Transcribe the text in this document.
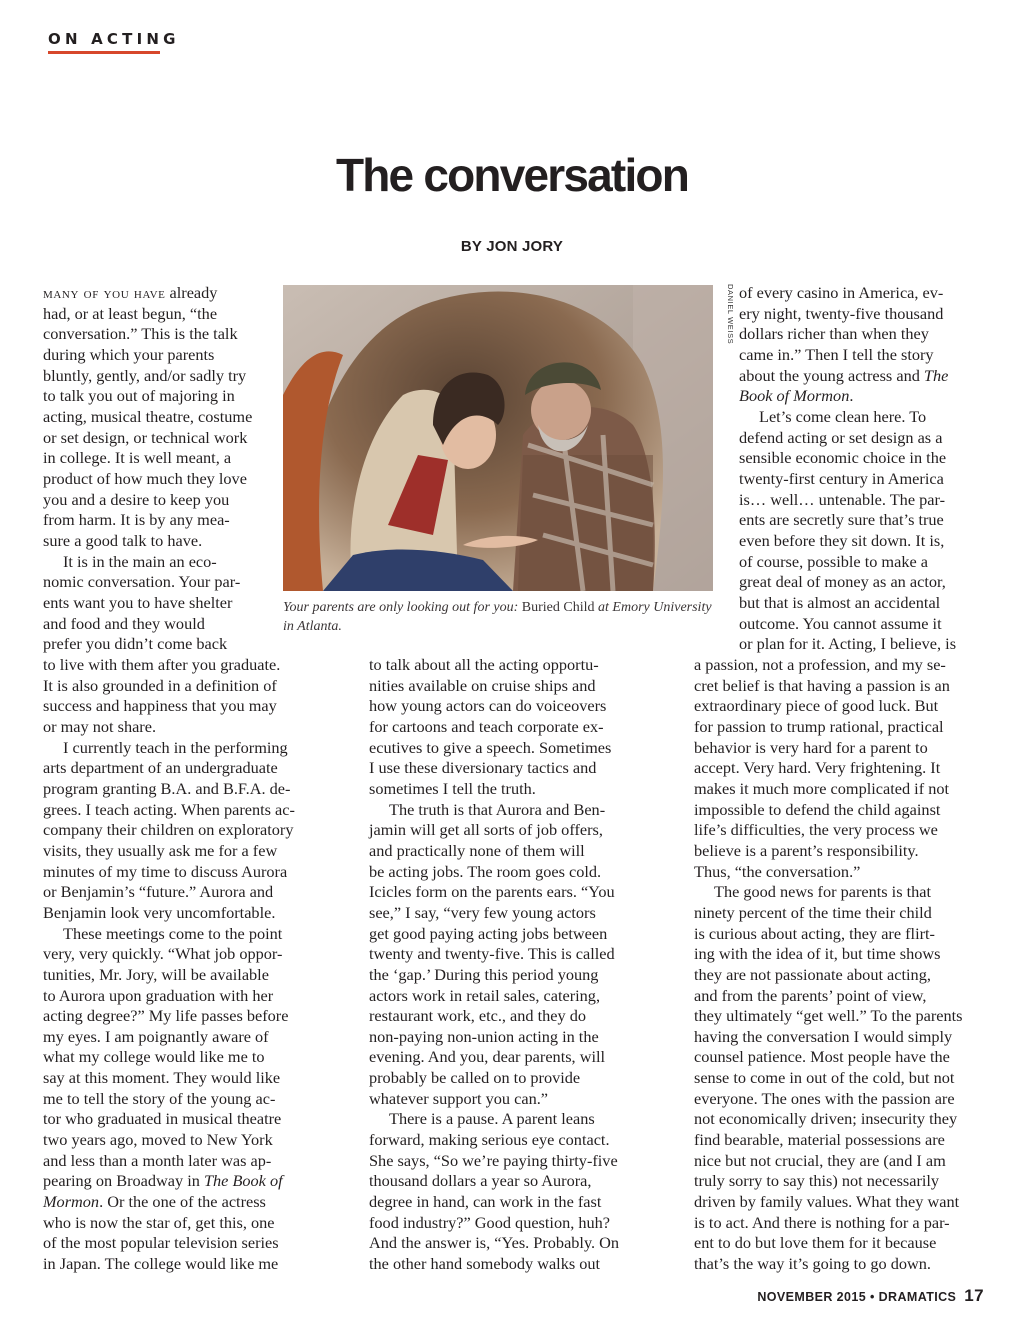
ON ACTING
The conversation
BY JON JORY
many of you have already
had, or at least begun, “the
conversation.” This is the talk
during which your parents
bluntly, gently, and/or sadly try
to talk you out of majoring in
acting, musical theatre, costume
or set design, or technical work
in college. It is well meant, a
product of how much they love
you and a desire to keep you
from harm. It is by any mea-
sure a good talk to have.
It is in the main an eco-
nomic conversation. Your par-
ents want you to have shelter
and food and they would
prefer you didn’t come back
to live with them after you graduate.
It is also grounded in a definition of
success and happiness that you may
or may not share.
I currently teach in the performing
arts department of an undergraduate
program granting B.A. and B.F.A. de-
grees. I teach acting. When parents ac-
company their children on exploratory
visits, they usually ask me for a few
minutes of my time to discuss Aurora
or Benjamin’s “future.” Aurora and
Benjamin look very uncomfortable.
These meetings come to the point
very, very quickly. “What job oppor-
tunities, Mr. Jory, will be available
to Aurora upon graduation with her
acting degree?” My life passes before
my eyes. I am poignantly aware of
what my college would like me to
say at this moment. They would like
me to tell the story of the young ac-
tor who graduated in musical theatre
two years ago, moved to New York
and less than a month later was ap-
pearing on Broadway in The Book of
Mormon. Or the one of the actress
who is now the star of, get this, one
of the most popular television series
in Japan. The college would like me
DANIEL WEISS

Your parents are only looking out for you: Buried Child at Emory University in Atlanta.

to talk about all the acting opportu-
nities available on cruise ships and
how young actors can do voiceovers
for cartoons and teach corporate ex-
ecutives to give a speech. Sometimes
I use these diversionary tactics and
sometimes I tell the truth.
The truth is that Aurora and Ben-
jamin will get all sorts of job offers,
and practically none of them will
be acting jobs. The room goes cold.
Icicles form on the parents ears. “You
see,” I say, “very few young actors
get good paying acting jobs between
twenty and twenty-five. This is called
the ‘gap.’ During this period young
actors work in retail sales, catering,
restaurant work, etc., and they do
non-paying non-union acting in the
evening. And you, dear parents, will
probably be called on to provide
whatever support you can.”
There is a pause. A parent leans
forward, making serious eye contact.
She says, “So we’re paying thirty-five
thousand dollars a year so Aurora,
degree in hand, can work in the fast
food industry?” Good question, huh?
And the answer is, “Yes. Probably. On
the other hand somebody walks out
of every casino in America, ev-
ery night, twenty-five thousand
dollars richer than when they
came in.” Then I tell the story
about the young actress and The
Book of Mormon.
Let’s come clean here. To
defend acting or set design as a
sensible economic choice in the
twenty-first century in America
is… well… untenable. The par-
ents are secretly sure that’s true
even before they sit down. It is,
of course, possible to make a
great deal of money as an actor,
but that is almost an accidental
outcome. You cannot assume it
or plan for it. Acting, I believe, is
a passion, not a profession, and my se-
cret belief is that having a passion is an
extraordinary piece of good luck. But
for passion to trump rational, practical
behavior is very hard for a parent to
accept. Very hard. Very frightening. It
makes it much more complicated if not
impossible to defend the child against
life’s difficulties, the very process we
believe is a parent’s responsibility.
Thus, “the conversation.”
The good news for parents is that
ninety percent of the time their child
is curious about acting, they are flirt-
ing with the idea of it, but time shows
they are not passionate about acting,
and from the parents’ point of view,
they ultimately “get well.” To the parents
having the conversation I would simply
counsel patience. Most people have the
sense to come in out of the cold, but not
everyone. The ones with the passion are
not economically driven; insecurity they
find bearable, material possessions are
nice but not crucial, they are (and I am
truly sorry to say this) not necessarily
driven by family values. What they want
is to act. And there is nothing for a par-
ent to do but love them for it because
that’s the way it’s going to go down.
NOVEMBER 2015 • DRAMATICS 17
